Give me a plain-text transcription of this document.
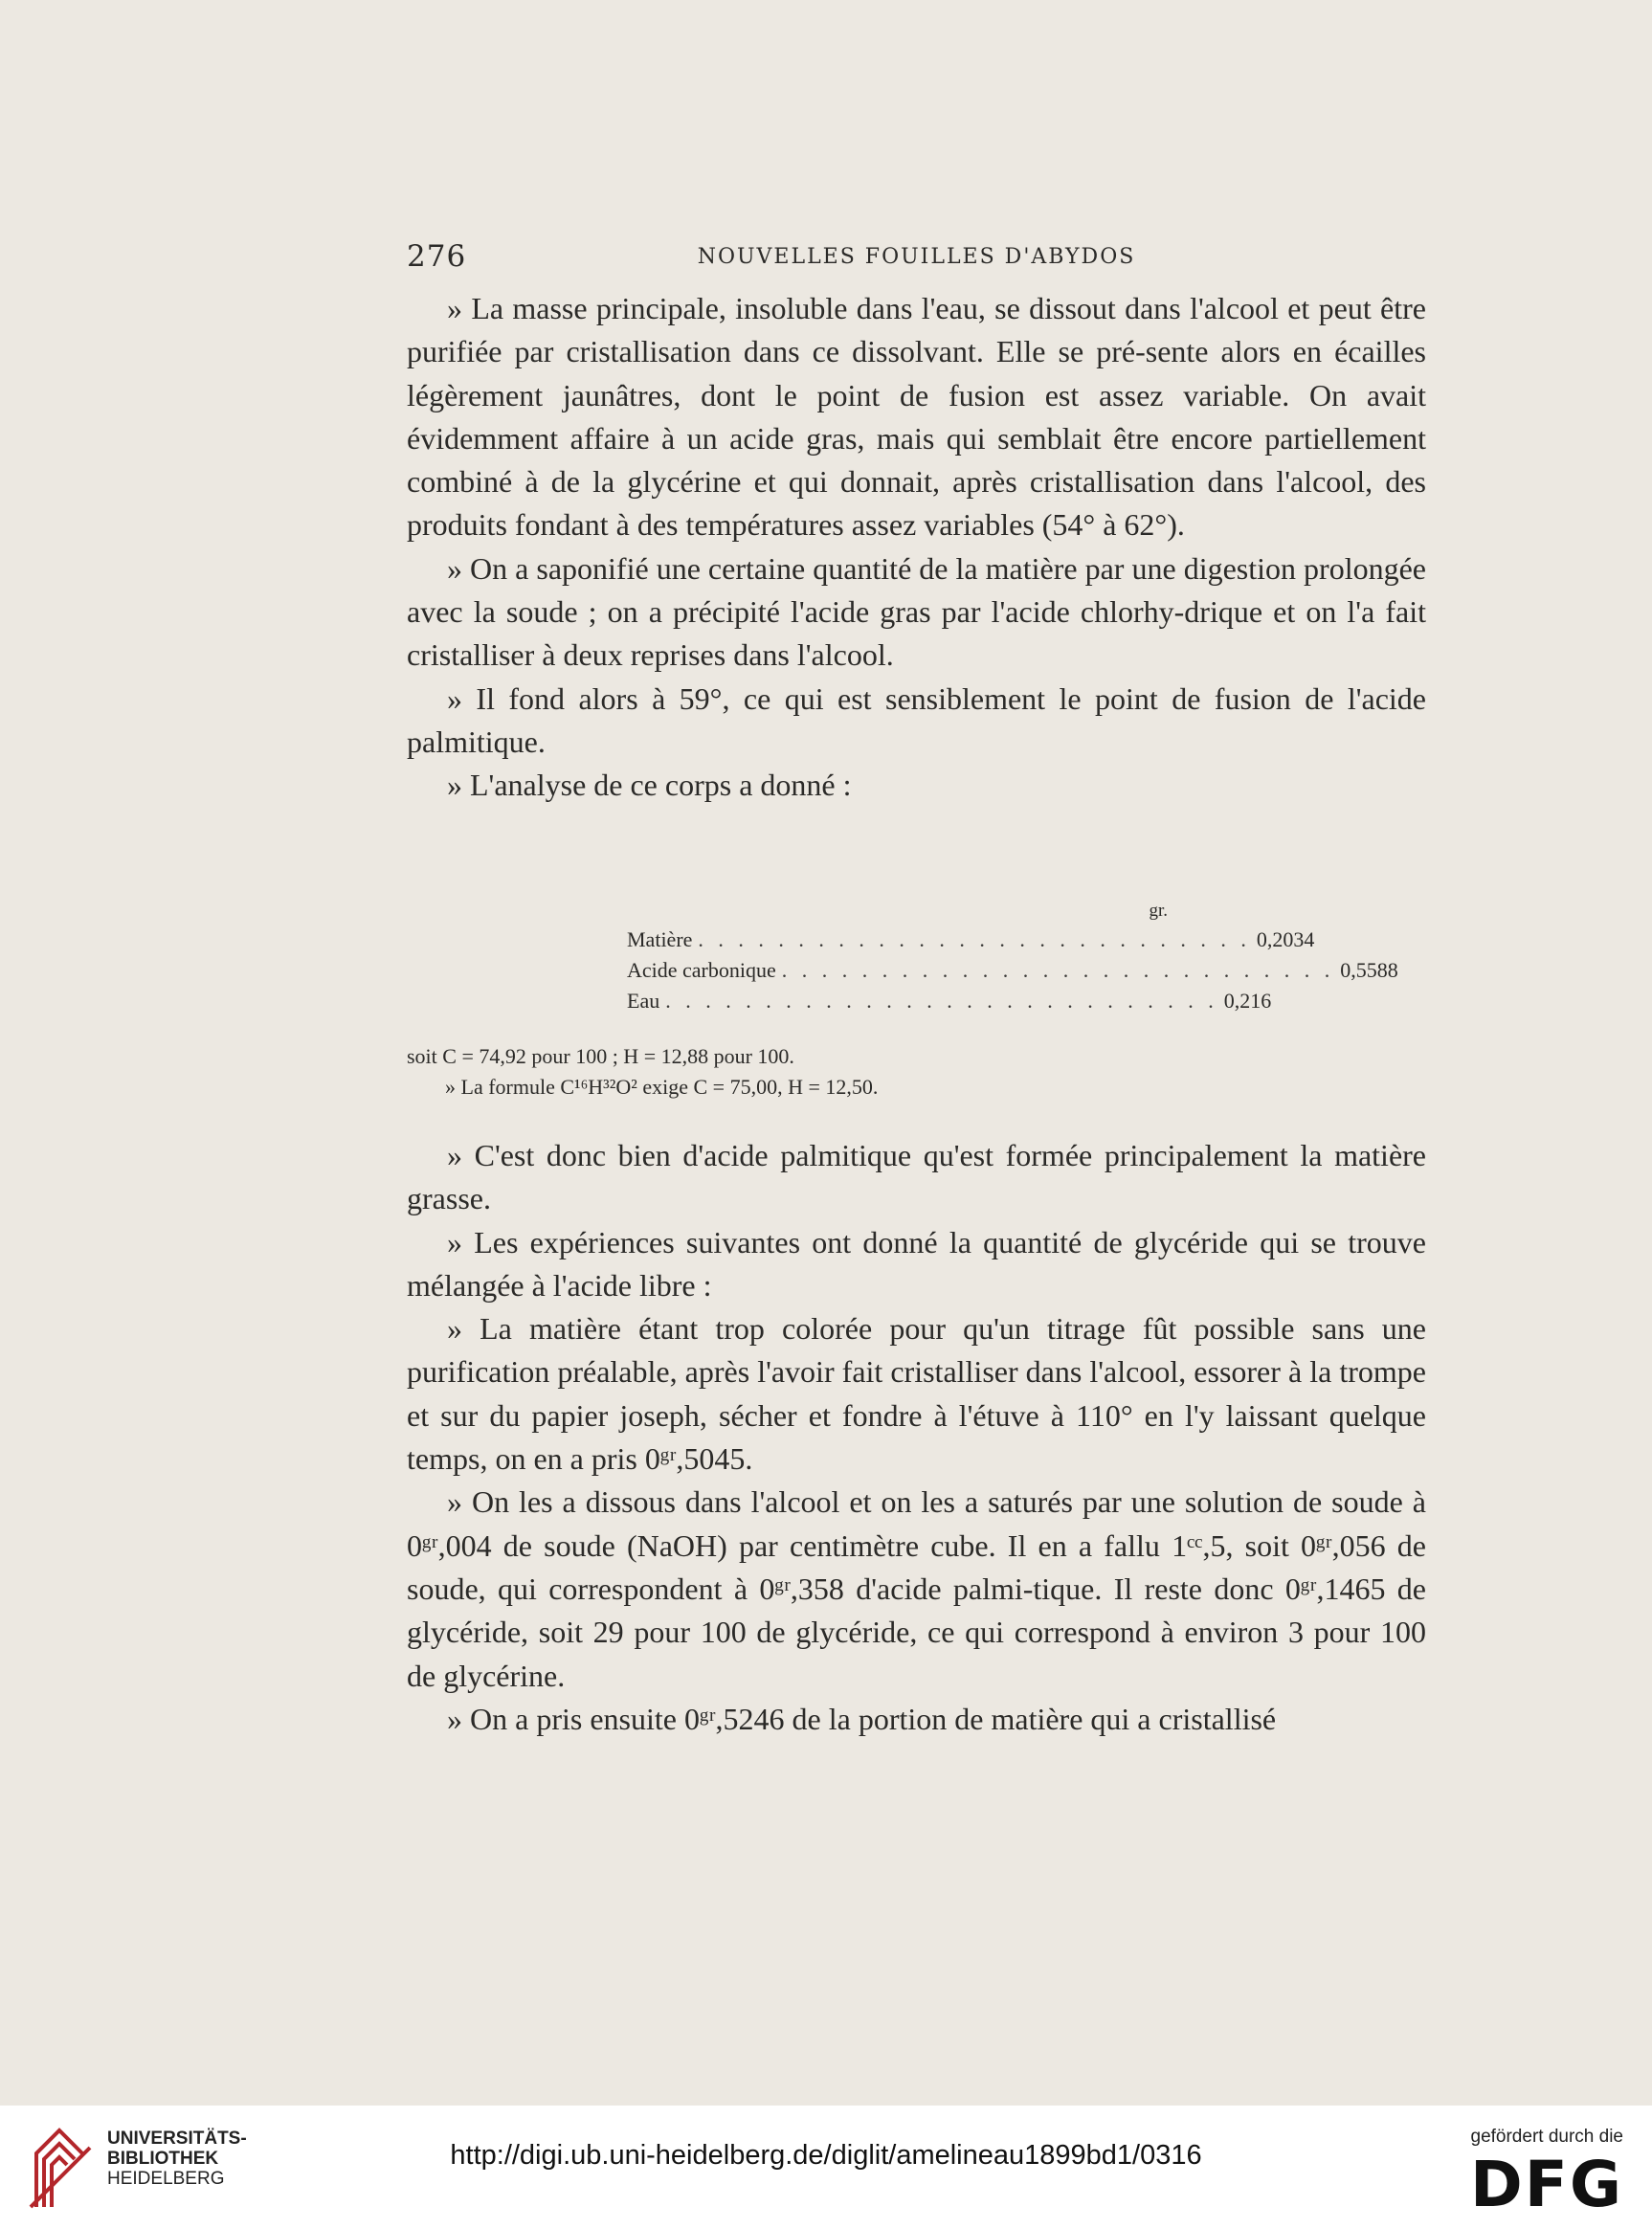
276	NOUVELLES FOUILLES D'ABYDOS

» La masse principale, insoluble dans l'eau, se dissout dans l'alcool et peut être purifiée par cristallisation dans ce dissolvant. Elle se pré-sente alors en écailles légèrement jaunâtres, dont le point de fusion est assez variable. On avait évidemment affaire à un acide gras, mais qui semblait être encore partiellement combiné à de la glycérine et qui donnait, après cristallisation dans l'alcool, des produits fondant à des températures assez variables (54° à 62°).

» On a saponifié une certaine quantité de la matière par une digestion prolongée avec la soude ; on a précipité l'acide gras par l'acide chlorhy-drique et on l'a fait cristalliser à deux reprises dans l'alcool.

» Il fond alors à 59°, ce qui est sensiblement le point de fusion de l'acide palmitique.

» L'analyse de ce corps a donné :

gr.
Matière . . . . . . . . . . . . . . . . . . . . . . . . . . . . 0,2034
Acide carbonique . . . . . . . . . . . . . . . . . . . . . . . . . . . . 0,5588
Eau . . . . . . . . . . . . . . . . . . . . . . . . . . . . 0,216

soit C = 74,92 pour 100 ; H = 12,88 pour 100.

» La formule C¹⁶H³²O² exige C = 75,00, H = 12,50.

» C'est donc bien d'acide palmitique qu'est formée principalement la matière grasse.

» Les expériences suivantes ont donné la quantité de glycéride qui se trouve mélangée à l'acide libre :

» La matière étant trop colorée pour qu'un titrage fût possible sans une purification préalable, après l'avoir fait cristalliser dans l'alcool, essorer à la trompe et sur du papier joseph, sécher et fondre à l'étuve à 110° en l'y laissant quelque temps, on en a pris 0ᵍʳ,5045.

» On les a dissous dans l'alcool et on les a saturés par une solution de soude à 0ᵍʳ,004 de soude (NaOH) par centimètre cube. Il en a fallu 1ᶜᶜ,5, soit 0ᵍʳ,056 de soude, qui correspondent à 0ᵍʳ,358 d'acide palmi-tique. Il reste donc 0ᵍʳ,1465 de glycéride, soit 29 pour 100 de glycéride, ce qui correspond à environ 3 pour 100 de glycérine.

» On a pris ensuite 0ᵍʳ,5246 de la portion de matière qui a cristallisé

UNIVERSITÄTS-
BIBLIOTHEK
HEIDELBERG
http://digi.ub.uni-heidelberg.de/diglit/amelineau1899bd1/0316
gefördert durch die
DFG
